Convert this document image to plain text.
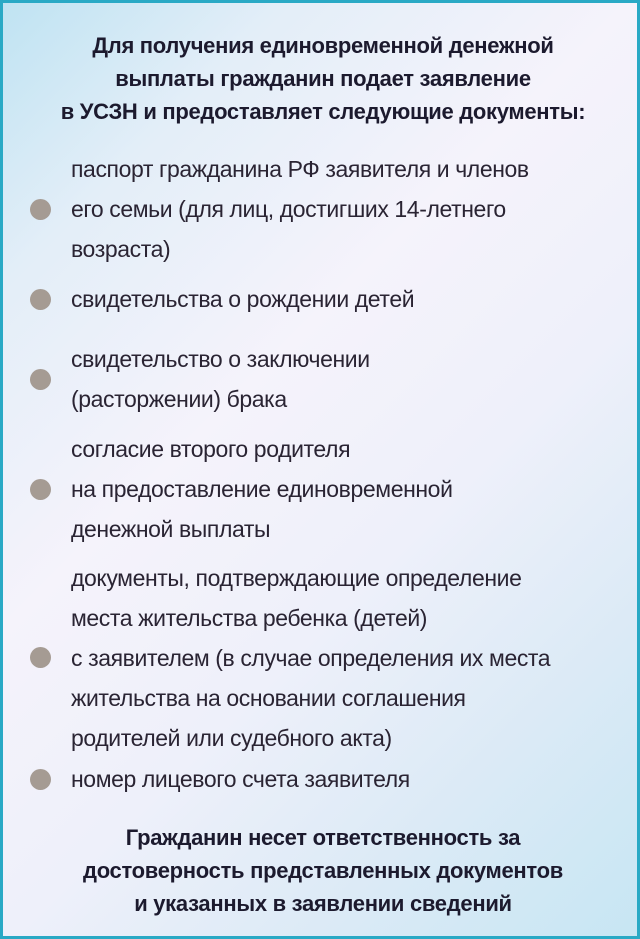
Для получения единовременной денежной
выплаты гражданин подает заявление
в УСЗН и предоставляет следующие документы:
паспорт гражданина РФ заявителя и членов
его семьи (для лиц, достигших 14-летнего
возраста)
свидетельства о рождении детей
свидетельство о заключении
(расторжении) брака
согласие второго родителя
на предоставление единовременной
денежной выплаты
документы, подтверждающие определение
места жительства ребенка (детей)
с заявителем (в случае определения их места
жительства на основании соглашения
родителей или судебного акта)
номер лицевого счета заявителя
Гражданин несет ответственность за
достоверность представленных документов
и указанных в заявлении сведений
